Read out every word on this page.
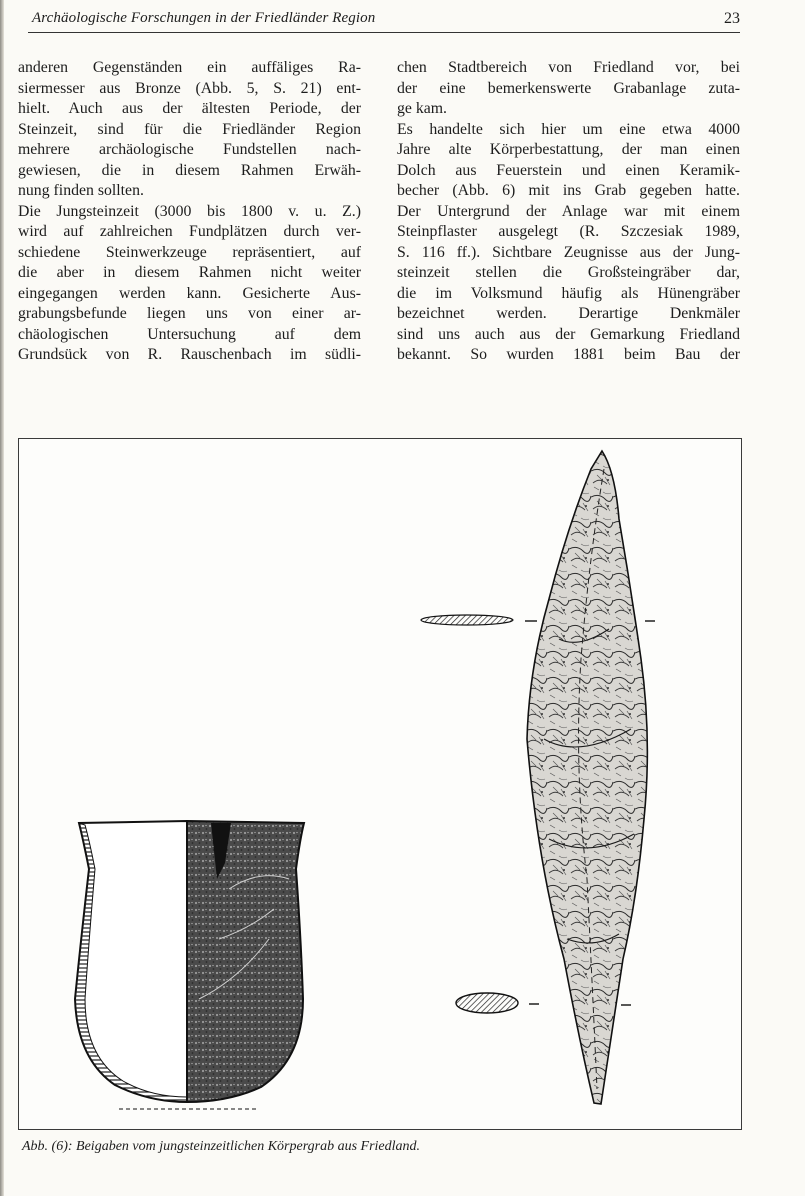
Archäologische Forschungen in der Friedländer Region	23
anderen Gegenständen ein auffäliges Ra-
siermesser aus Bronze (Abb. 5, S. 21) ent-
hielt. Auch aus der ältesten Periode, der
Steinzeit, sind für die Friedländer Region
mehrere archäologische Fundstellen nach-
gewiesen, die in diesem Rahmen Erwäh-
nung finden sollten.
Die Jungsteinzeit (3000 bis 1800 v. u. Z.)
wird auf zahlreichen Fundplätzen durch ver-
schiedene Steinwerkzeuge repräsentiert, auf
die aber in diesem Rahmen nicht weiter
eingegangen werden kann. Gesicherte Aus-
grabungsbefunde liegen uns von einer ar-
chäologischen Untersuchung auf dem
Grundsück von R. Rauschenbach im südli-
chen Stadtbereich von Friedland vor, bei
der eine bemerkenswerte Grabanlage zuta-
ge kam.
Es handelte sich hier um eine etwa 4000
Jahre alte Körperbestattung, der man einen
Dolch aus Feuerstein und einen Keramik-
becher (Abb. 6) mit ins Grab gegeben hatte.
Der Untergrund der Anlage war mit einem
Steinpflaster ausgelegt (R. Szczesiak 1989,
S. 116 ff.). Sichtbare Zeugnisse aus der Jung-
steinzeit stellen die Großsteingräber dar,
die im Volksmund häufig als Hünengräber
bezeichnet werden. Derartige Denkmäler
sind uns auch aus der Gemarkung Friedland
bekannt. So wurden 1881 beim Bau der
Abb. (6): Beigaben vom jungsteinzeitlichen Körpergrab aus Friedland.
